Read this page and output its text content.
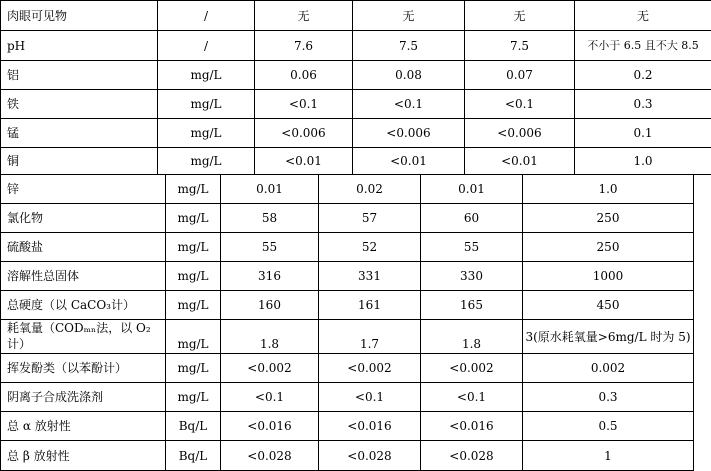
肉眼可见物	/	无	无	无	无
pH	/	7.6	7.5	7.5	不小于 6.5 且不大 8.5
铝	mg/L	0.06	0.08	0.07	0.2
铁	mg/L	<0.1	<0.1	<0.1	0.3
锰	mg/L	<0.006	<0.006	<0.006	0.1
铜	mg/L	<0.01	<0.01	<0.01	1.0
锌	mg/L	0.01	0.02	0.01	1.0
氯化物	mg/L	58	57	60	250
硫酸盐	mg/L	55	52	55	250
溶解性总固体	mg/L	316	331	330	1000
总硬度（以 CaCO₃计）	mg/L	160	161	165	450
耗氧量（CODₘₙ法，以 O₂ 计）	mg/L	1.8	1.7	1.8	3(原水耗氧量>6mg/L 时为 5)
挥发酚类（以苯酚计）	mg/L	<0.002	<0.002	<0.002	0.002
阴离子合成洗涤剂	mg/L	<0.1	<0.1	<0.1	0.3
总 α 放射性	Bq/L	<0.016	<0.016	<0.016	0.5
总 β 放射性	Bq/L	<0.028	<0.028	<0.028	1
